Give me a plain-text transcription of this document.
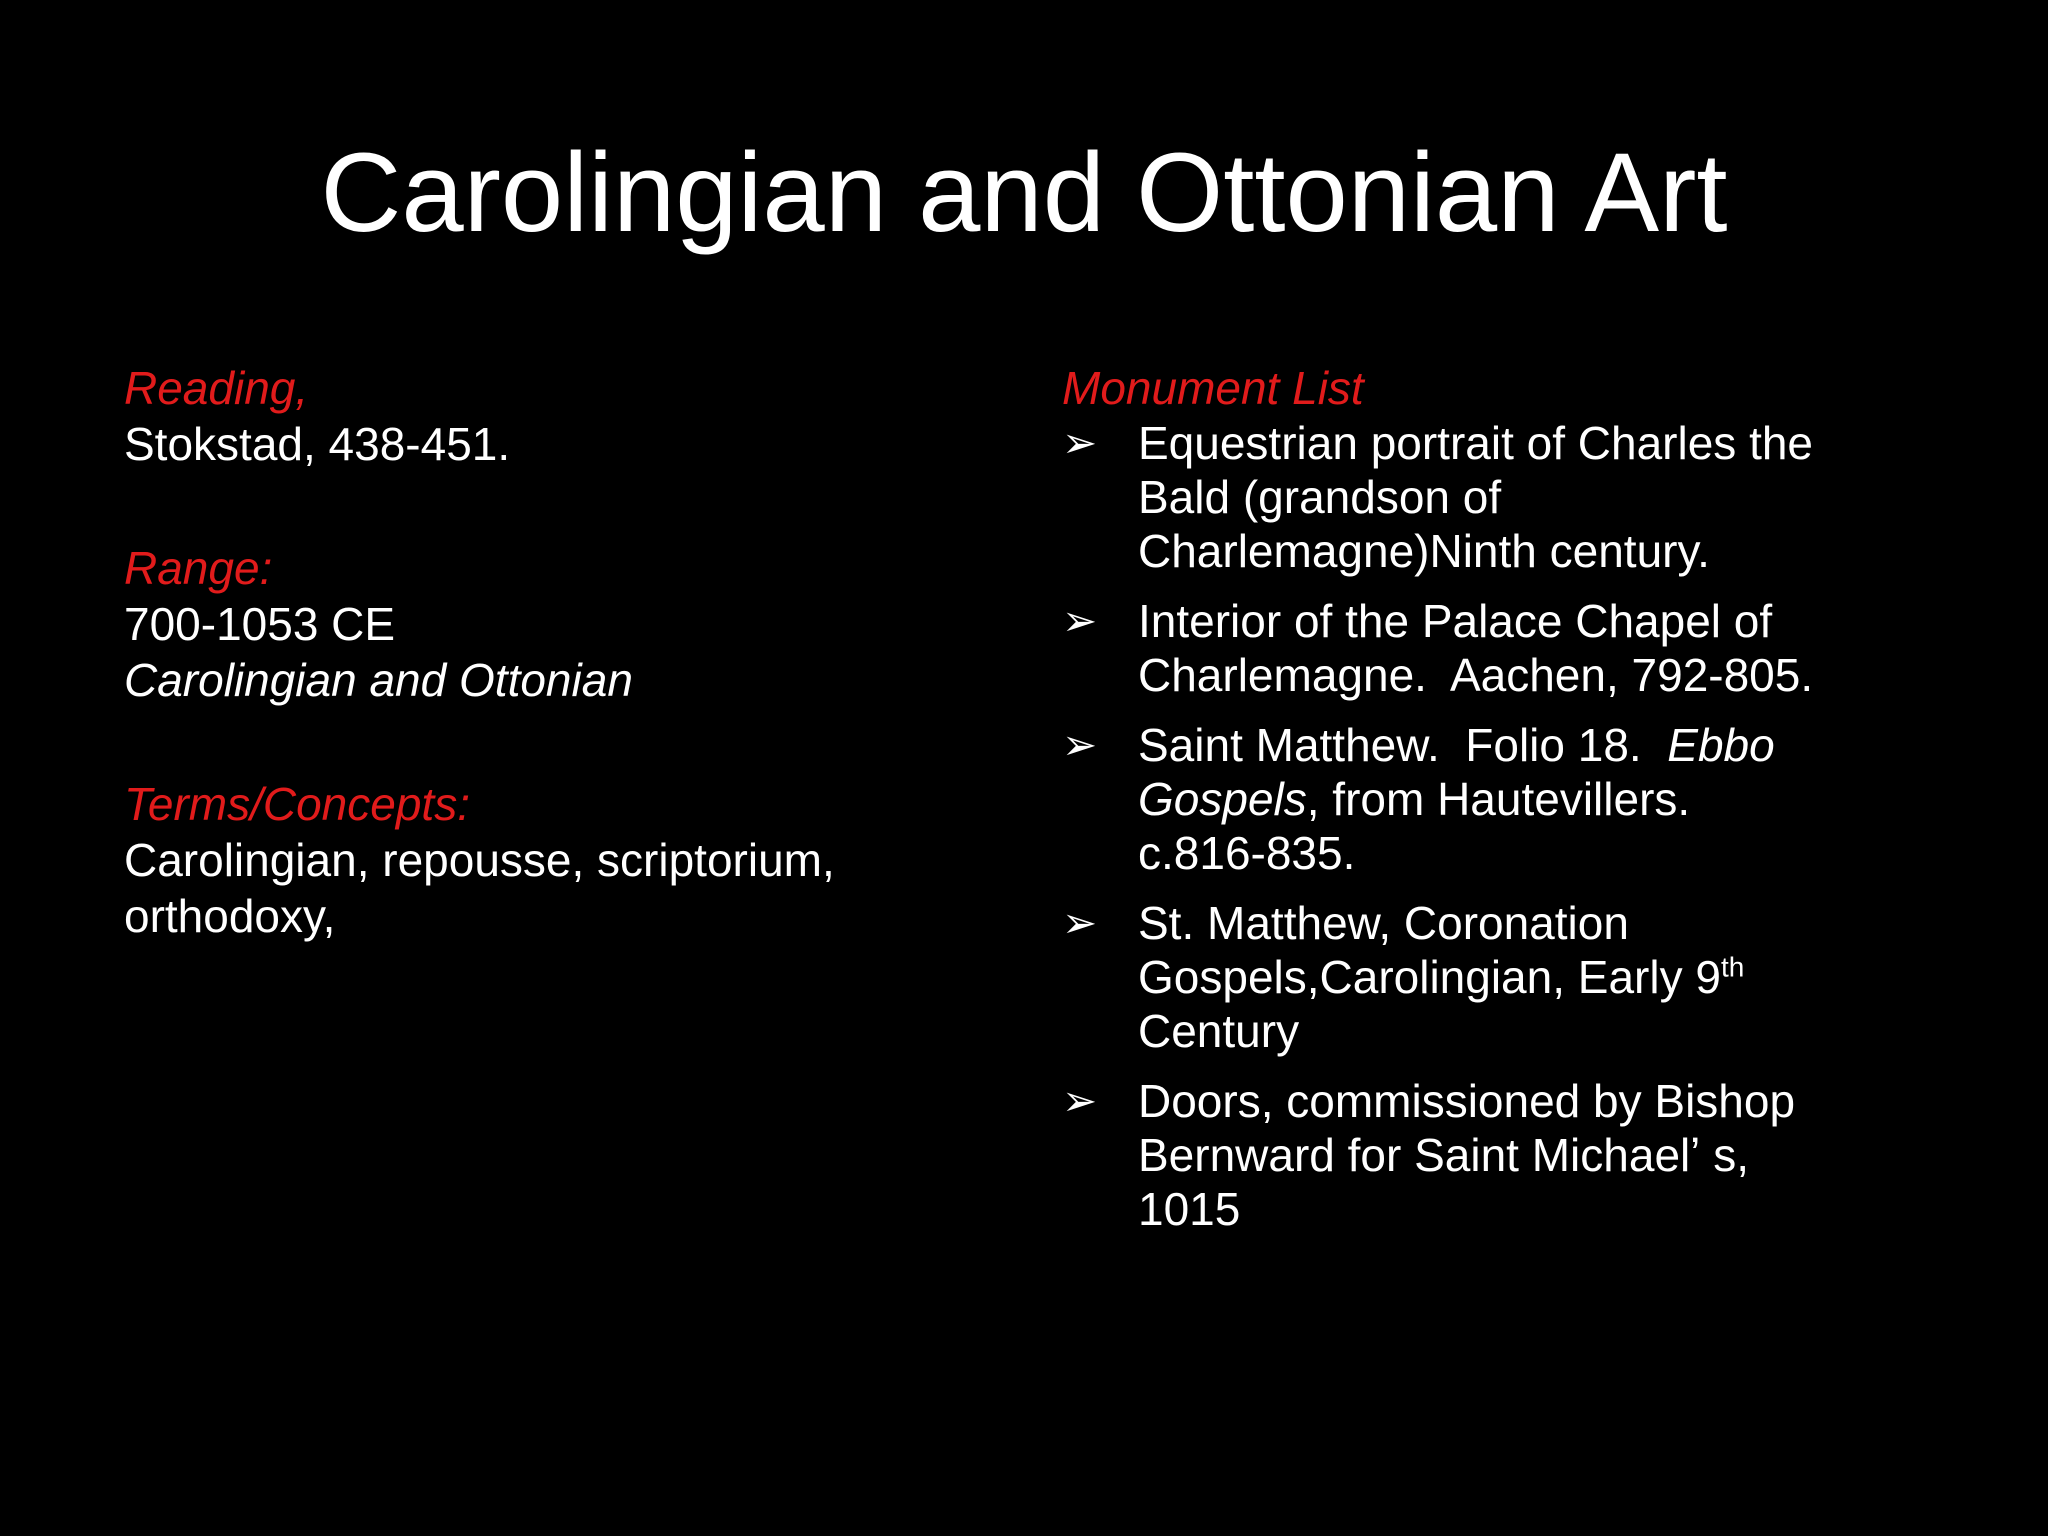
Carolingian and Ottonian Art

Reading,

Stokstad, 438-451.

Range:

700-1053 CE

Carolingian and Ottonian

Terms/Concepts:

Carolingian, repousse, scriptorium,

orthodoxy,

Monument List

➢ Equestrian portrait of Charles the
Bald (grandson of
Charlemagne)Ninth century.
➢ Interior of the Palace Chapel of
Charlemagne.  Aachen, 792-805.
➢ Saint Matthew.  Folio 18.  Ebbo
Gospels, from Hautevillers.
c.816-835.
➢ St. Matthew, Coronation
Gospels,Carolingian, Early 9th
Century
➢ Doors, commissioned by Bishop
Bernward for Saint Michaelʼ s,
1015
